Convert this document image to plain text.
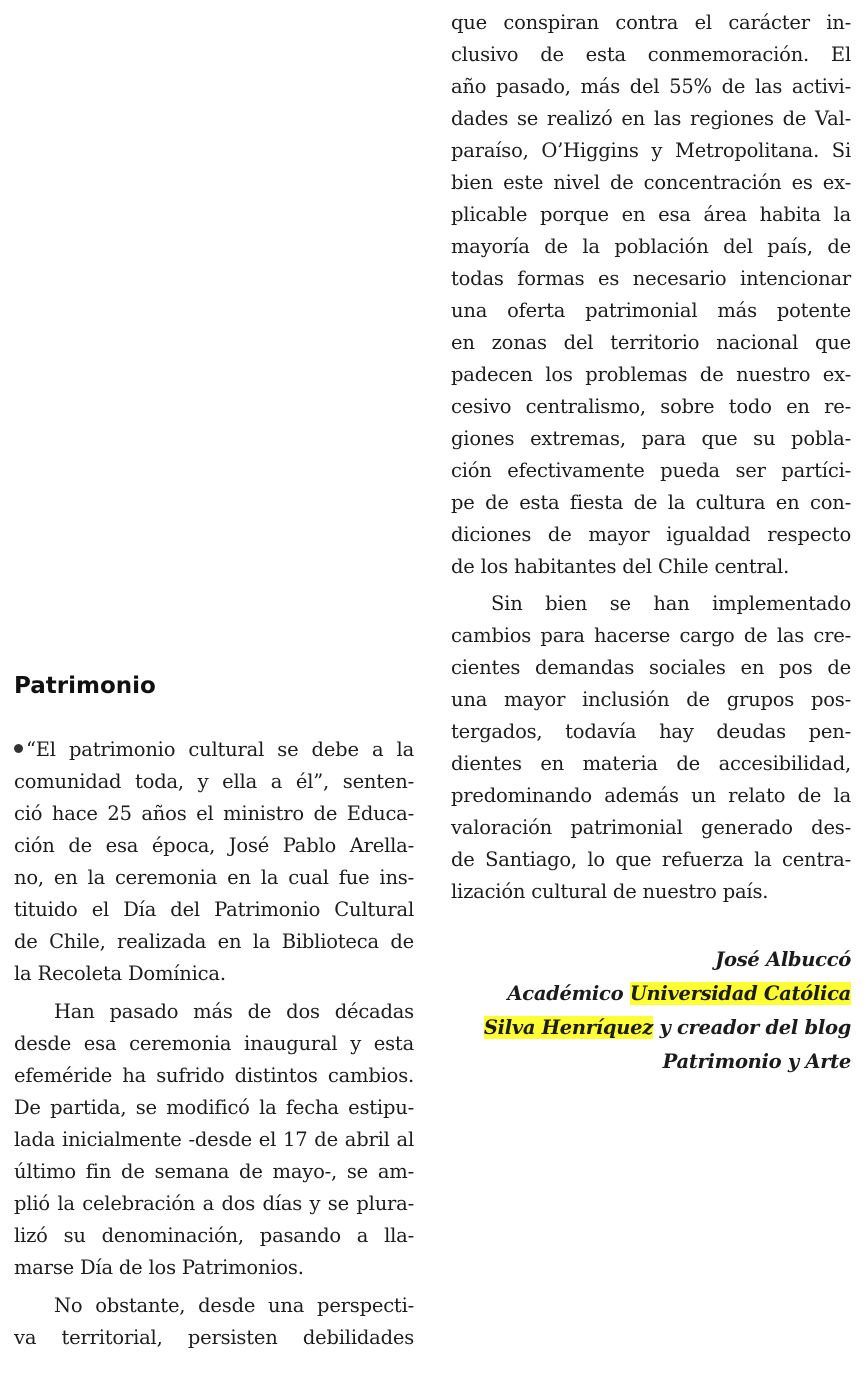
Patrimonio
“El patrimonio cultural se debe a la
comunidad toda, y ella a él”, senten-
ció hace 25 años el ministro de Educa-
ción de esa época, José Pablo Arella-
no, en la ceremonia en la cual fue ins-
tituido el Día del Patrimonio Cultural
de Chile, realizada en la Biblioteca de
la Recoleta Domínica.
Han pasado más de dos décadas
desde esa ceremonia inaugural y esta
efeméride ha sufrido distintos cambios.
De partida, se modificó la fecha estipu-
lada inicialmente -desde el 17 de abril al
último fin de semana de mayo-, se am-
plió la celebración a dos días y se plura-
lizó su denominación, pasando a lla-
marse Día de los Patrimonios.
No obstante, desde una perspecti-
va territorial, persisten debilidades
que conspiran contra el carácter in-
clusivo de esta conmemoración. El
año pasado, más del 55% de las activi-
dades se realizó en las regiones de Val-
paraíso, O’Higgins y Metropolitana. Si
bien este nivel de concentración es ex-
plicable porque en esa área habita la
mayoría de la población del país, de
todas formas es necesario intencionar
una oferta patrimonial más potente
en zonas del territorio nacional que
padecen los problemas de nuestro ex-
cesivo centralismo, sobre todo en re-
giones extremas, para que su pobla-
ción efectivamente pueda ser partíci-
pe de esta fiesta de la cultura en con-
diciones de mayor igualdad respecto
de los habitantes del Chile central.
Sin bien se han implementado
cambios para hacerse cargo de las cre-
cientes demandas sociales en pos de
una mayor inclusión de grupos pos-
tergados, todavía hay deudas pen-
dientes en materia de accesibilidad,
predominando además un relato de la
valoración patrimonial generado des-
de Santiago, lo que refuerza la centra-
lización cultural de nuestro país.
José Albuccó
Académico Universidad Católica
Silva Henríquez y creador del blog
Patrimonio y Arte
